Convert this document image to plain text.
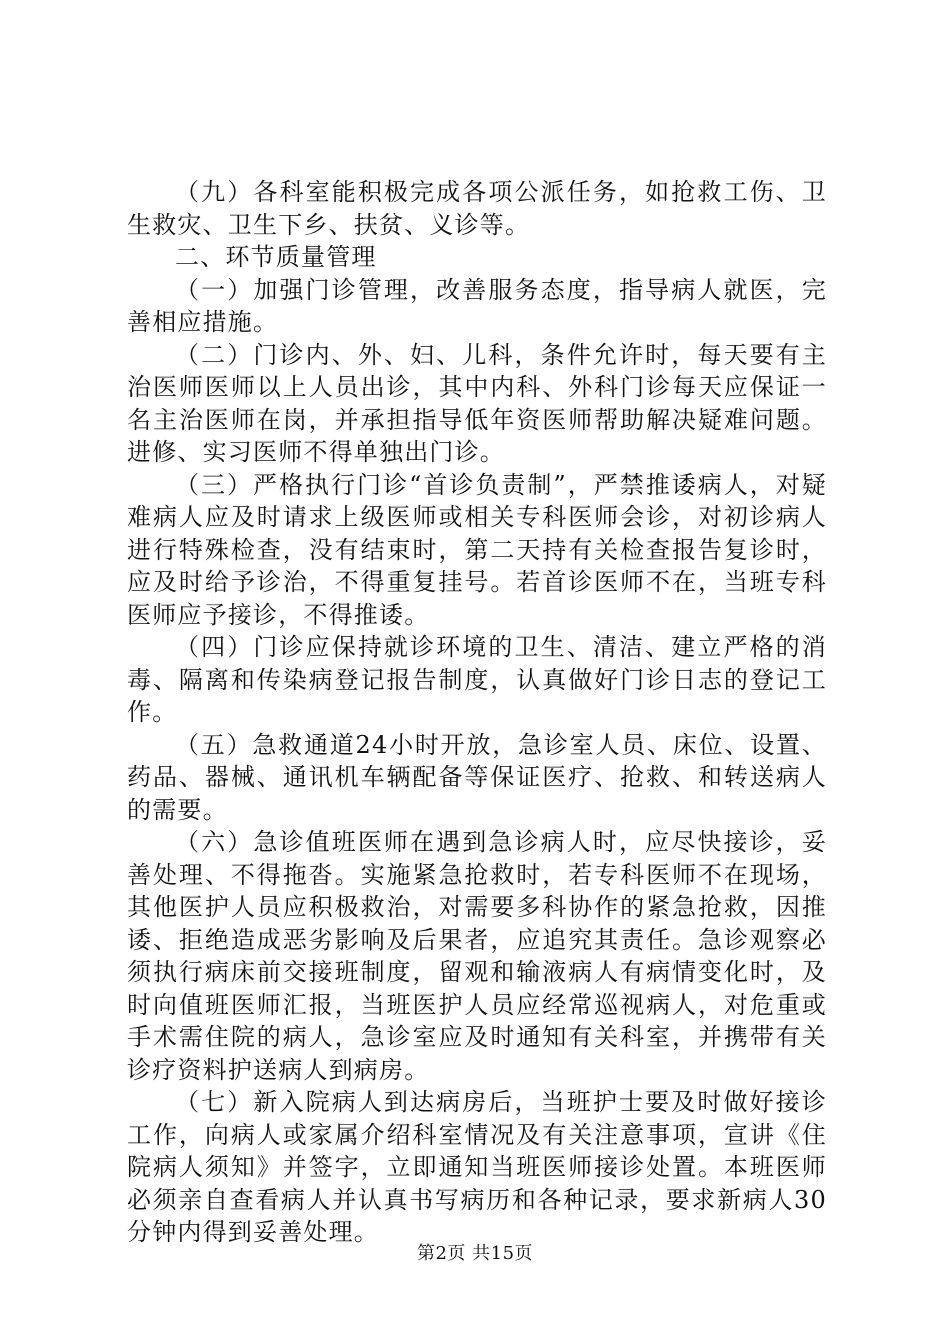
（九）各科室能积极完成各项公派任务，如抢救工伤、卫生救灾、卫生下乡、扶贫、义诊等。

二、环节质量管理

（一）加强门诊管理，改善服务态度，指导病人就医，完善相应措施。

（二）门诊内、外、妇、儿科，条件允许时，每天要有主治医师医师以上人员出诊，其中内科、外科门诊每天应保证一名主治医师在岗，并承担指导低年资医师帮助解决疑难问题。进修、实习医师不得单独出门诊。

（三）严格执行门诊“首诊负责制”，严禁推诿病人，对疑难病人应及时请求上级医师或相关专科医师会诊，对初诊病人进行特殊检查，没有结束时，第二天持有关检查报告复诊时，应及时给予诊治，不得重复挂号。若首诊医师不在，当班专科医师应予接诊，不得推诿。

（四）门诊应保持就诊环境的卫生、清洁、建立严格的消毒、隔离和传染病登记报告制度，认真做好门诊日志的登记工作。

（五）急救通道24小时开放，急诊室人员、床位、设置、药品、器械、通讯机车辆配备等保证医疗、抢救、和转送病人的需要。

（六）急诊值班医师在遇到急诊病人时，应尽快接诊，妥善处理、不得拖沓。实施紧急抢救时，若专科医师不在现场，其他医护人员应积极救治，对需要多科协作的紧急抢救，因推诿、拒绝造成恶劣影响及后果者，应追究其责任。急诊观察必须执行病床前交接班制度，留观和输液病人有病情变化时，及时向值班医师汇报，当班医护人员应经常巡视病人，对危重或手术需住院的病人，急诊室应及时通知有关科室，并携带有关诊疗资料护送病人到病房。

（七）新入院病人到达病房后，当班护士要及时做好接诊工作，向病人或家属介绍科室情况及有关注意事项，宣讲《住院病人须知》并签字，立即通知当班医师接诊处置。本班医师必须亲自查看病人并认真书写病历和各种记录，要求新病人30分钟内得到妥善处理。

第2页 共15页
